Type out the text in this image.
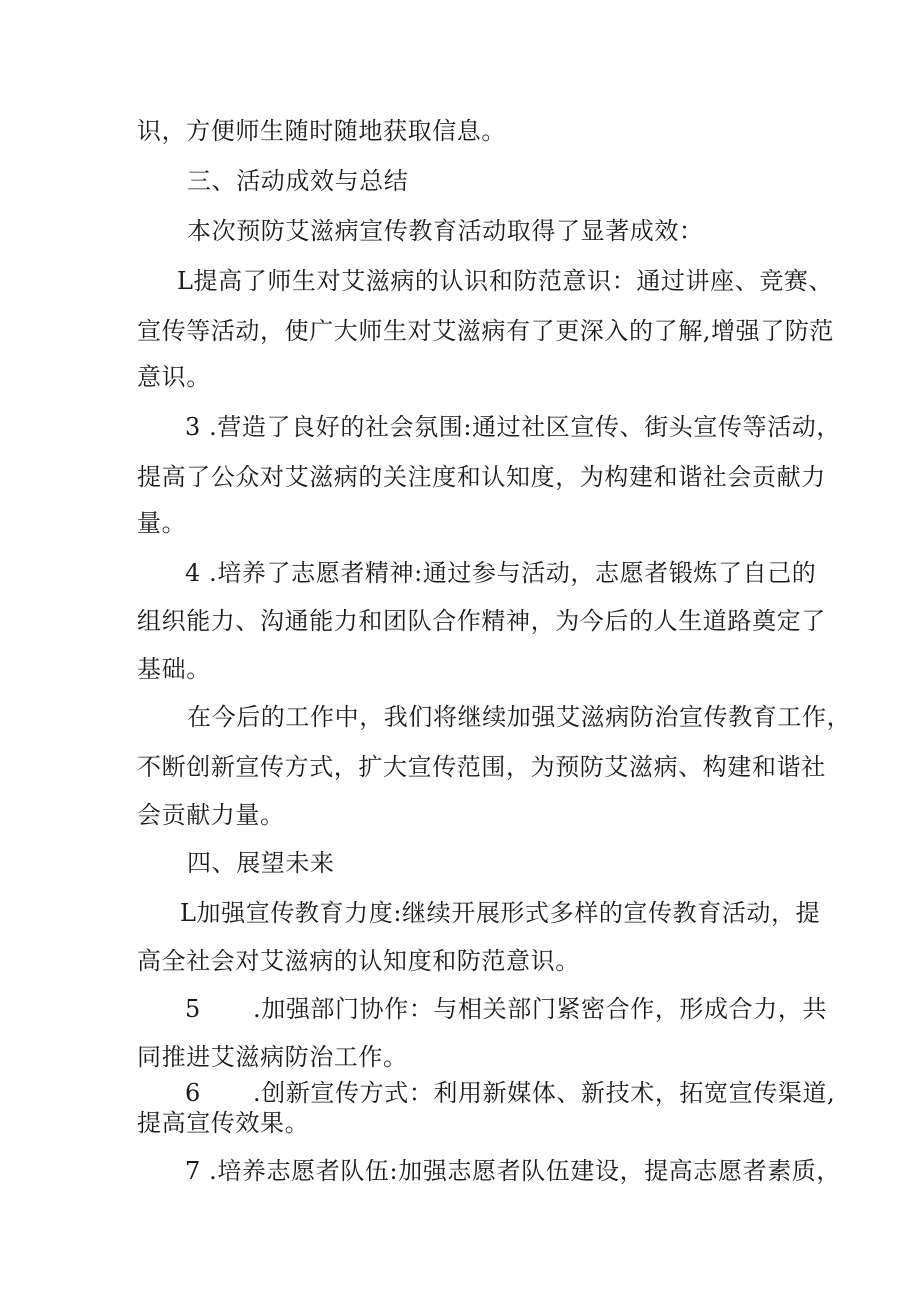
识，方便师生随时随地获取信息。
三、活动成效与总结
本次预防艾滋病宣传教育活动取得了显著成效：
L提高了师生对艾滋病的认识和防范意识：通过讲座、竞赛、
宣传等活动，使广大师生对艾滋病有了更深入的了解,增强了防范
意识。
3 .营造了良好的社会氛围:通过社区宣传、街头宣传等活动，
提高了公众对艾滋病的关注度和认知度，为构建和谐社会贡献力
量。
4 .培养了志愿者精神:通过参与活动，志愿者锻炼了自己的
组织能力、沟通能力和团队合作精神，为今后的人生道路奠定了
基础。
在今后的工作中，我们将继续加强艾滋病防治宣传教育工作，
不断创新宣传方式，扩大宣传范围，为预防艾滋病、构建和谐社
会贡献力量。
四、展望未来
L加强宣传教育力度:继续开展形式多样的宣传教育活动，提
高全社会对艾滋病的认知度和防范意识。
5 .加强部门协作：与相关部门紧密合作，形成合力，共
同推进艾滋病防治工作。
6 .创新宣传方式：利用新媒体、新技术，拓宽宣传渠道,
提高宣传效果。
7 .培养志愿者队伍:加强志愿者队伍建设，提高志愿者素质，
